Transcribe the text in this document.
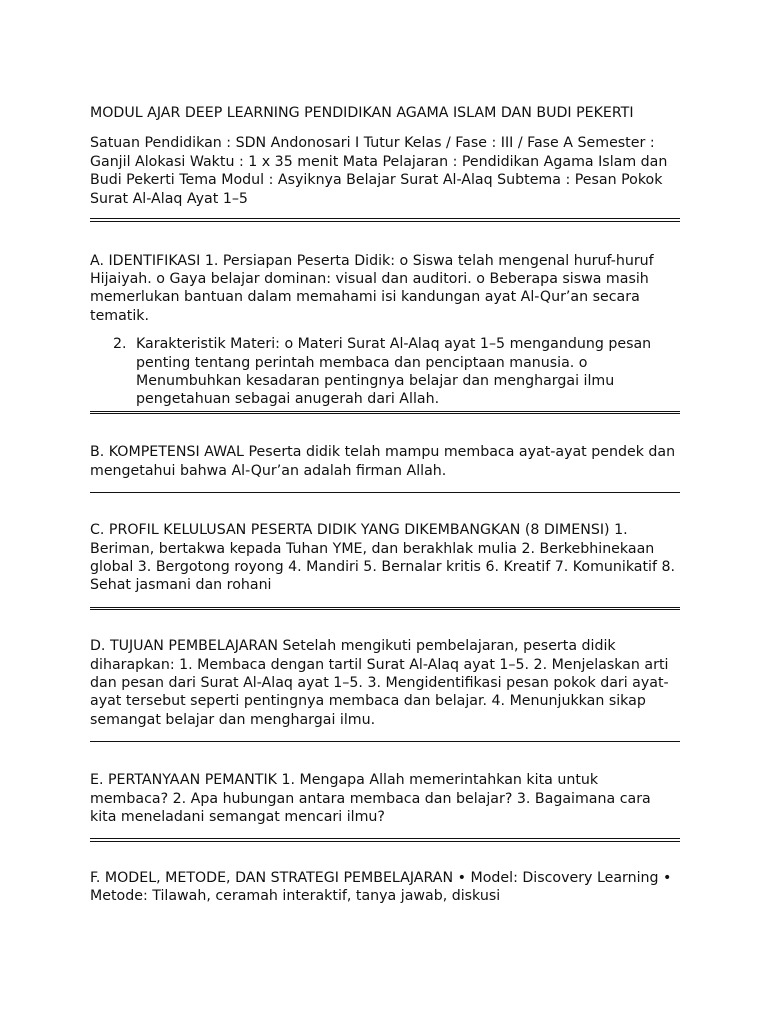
MODUL AJAR DEEP LEARNING PENDIDIKAN AGAMA ISLAM DAN BUDI PEKERTI

Satuan Pendidikan : SDN Andonosari I Tutur Kelas / Fase : III / Fase A Semester : Ganjil Alokasi Waktu : 1 x 35 menit Mata Pelajaran : Pendidikan Agama Islam dan Budi Pekerti Tema Modul : Asyiknya Belajar Surat Al-Alaq Subtema : Pesan Pokok Surat Al-Alaq Ayat 1–5

A. IDENTIFIKASI 1. Persiapan Peserta Didik: o Siswa telah mengenal huruf-huruf Hijaiyah. o Gaya belajar dominan: visual dan auditori. o Beberapa siswa masih memerlukan bantuan dalam memahami isi kandungan ayat Al-Qur’an secara tematik.

2. Karakteristik Materi: o Materi Surat Al-Alaq ayat 1–5 mengandung pesan penting tentang perintah membaca dan penciptaan manusia. o Menumbuhkan kesadaran pentingnya belajar dan menghargai ilmu pengetahuan sebagai anugerah dari Allah.

B. KOMPETENSI AWAL Peserta didik telah mampu membaca ayat-ayat pendek dan mengetahui bahwa Al-Qur’an adalah firman Allah.

C. PROFIL KELULUSAN PESERTA DIDIK YANG DIKEMBANGKAN (8 DIMENSI) 1. Beriman, bertakwa kepada Tuhan YME, dan berakhlak mulia 2. Berkebhinekaan global 3. Bergotong royong 4. Mandiri 5. Bernalar kritis 6. Kreatif 7. Komunikatif 8. Sehat jasmani dan rohani

D. TUJUAN PEMBELAJARAN Setelah mengikuti pembelajaran, peserta didik diharapkan: 1. Membaca dengan tartil Surat Al-Alaq ayat 1–5. 2. Menjelaskan arti dan pesan dari Surat Al-Alaq ayat 1–5. 3. Mengidentifikasi pesan pokok dari ayat-ayat tersebut seperti pentingnya membaca dan belajar. 4. Menunjukkan sikap semangat belajar dan menghargai ilmu.

E. PERTANYAAN PEMANTIK 1. Mengapa Allah memerintahkan kita untuk membaca? 2. Apa hubungan antara membaca dan belajar? 3. Bagaimana cara kita meneladani semangat mencari ilmu?

F. MODEL, METODE, DAN STRATEGI PEMBELAJARAN • Model: Discovery Learning • Metode: Tilawah, ceramah interaktif, tanya jawab, diskusi
